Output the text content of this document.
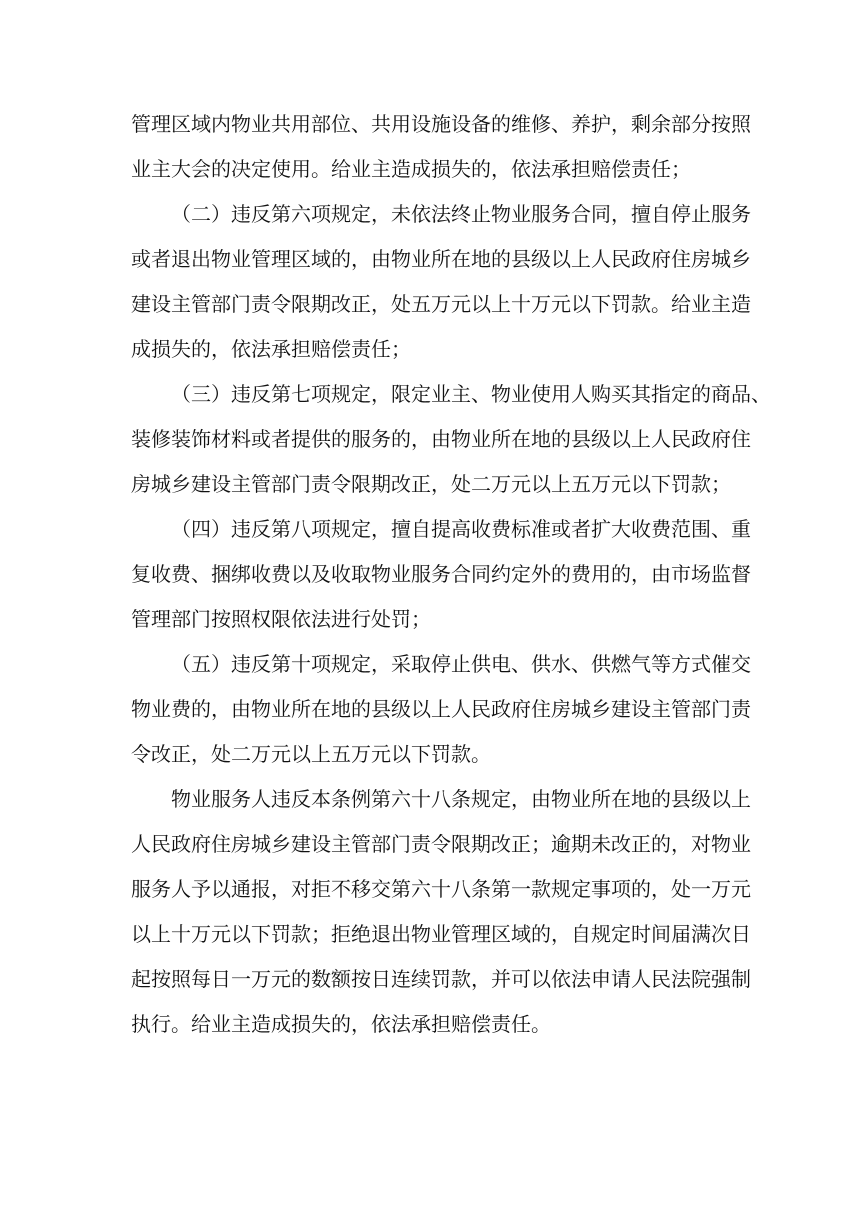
管理区域内物业共用部位、共用设施设备的维修、养护，剩余部分按照
业主大会的决定使用。给业主造成损失的，依法承担赔偿责任；
（二）违反第六项规定，未依法终止物业服务合同，擅自停止服务
或者退出物业管理区域的，由物业所在地的县级以上人民政府住房城乡
建设主管部门责令限期改正，处五万元以上十万元以下罚款。给业主造
成损失的，依法承担赔偿责任；
（三）违反第七项规定，限定业主、物业使用人购买其指定的商品、
装修装饰材料或者提供的服务的，由物业所在地的县级以上人民政府住
房城乡建设主管部门责令限期改正，处二万元以上五万元以下罚款；
（四）违反第八项规定，擅自提高收费标准或者扩大收费范围、重
复收费、捆绑收费以及收取物业服务合同约定外的费用的，由市场监督
管理部门按照权限依法进行处罚；
（五）违反第十项规定，采取停止供电、供水、供燃气等方式催交
物业费的，由物业所在地的县级以上人民政府住房城乡建设主管部门责
令改正，处二万元以上五万元以下罚款。
物业服务人违反本条例第六十八条规定，由物业所在地的县级以上
人民政府住房城乡建设主管部门责令限期改正；逾期未改正的，对物业
服务人予以通报，对拒不移交第六十八条第一款规定事项的，处一万元
以上十万元以下罚款；拒绝退出物业管理区域的，自规定时间届满次日
起按照每日一万元的数额按日连续罚款，并可以依法申请人民法院强制
执行。给业主造成损失的，依法承担赔偿责任。
